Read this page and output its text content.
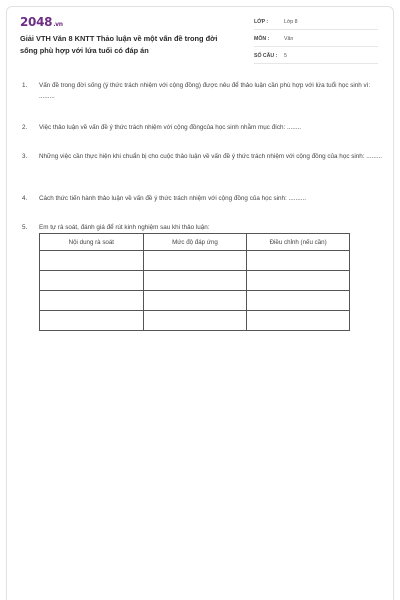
2048.vn
Giải VTH Văn 8 KNTT Thảo luận về một vấn đề trong đời sống phù hợp với lứa tuổi có đáp án
LỚP :	Lớp 8
MÔN :	Văn
SỐ CÂU :	5
1.	Vấn đề trong đời sống (ý thức trách nhiệm với cộng đồng) được nêu để thảo luận cần phù hợp với lứa tuổi học sinh vì: .........
2.	Việc thảo luận về vấn đề ý thức trách nhiệm với cộng đồngcủa học sinh nhằm mục đích: ........
3.	Những việc cần thực hiện khi chuẩn bị cho cuộc thảo luận về vấn đề ý thức trách nhiệm với cộng đồng của học sinh: .........
4.	Cách thức tiến hành thảo luận về vấn đề ý thức trách nhiệm với cộng đồng của học sinh: ..........
5.	Em tự rà soát, đánh giá để rút kinh nghiệm sau khi thảo luận:
Nội dung rà soát	Mức độ đáp ứng	Điều chỉnh (nếu cần)
